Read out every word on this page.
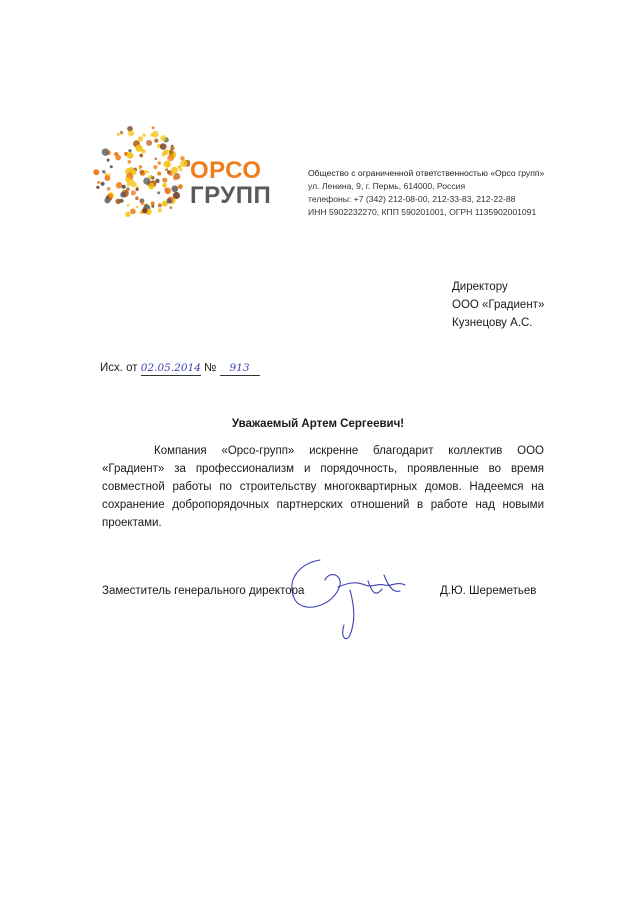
ОРСО
ГРУПП
Общество с ограниченной ответственностью «Орсо групп»
ул. Ленина, 9, г. Пермь, 614000, Россия
телефоны: +7 (342) 212-08-00, 212-33-83, 212-22-88
ИНН 5902232270, КПП 590201001, ОГРН 1135902001091
Директору
ООО «Градиент»
Кузнецову А.С.
Исх. от 02.05.2014 № 913
Уважаемый Артем Сергеевич!
Компания «Орсо-групп» искренне благодарит коллектив ООО «Градиент» за профессионализм и порядочность, проявленные во время совместной работы по строительству многоквартирных домов. Надеемся на сохранение добропорядочных партнерских отношений в работе над новыми проектами.
Заместитель генерального директора	Д.Ю. Шереметьев
